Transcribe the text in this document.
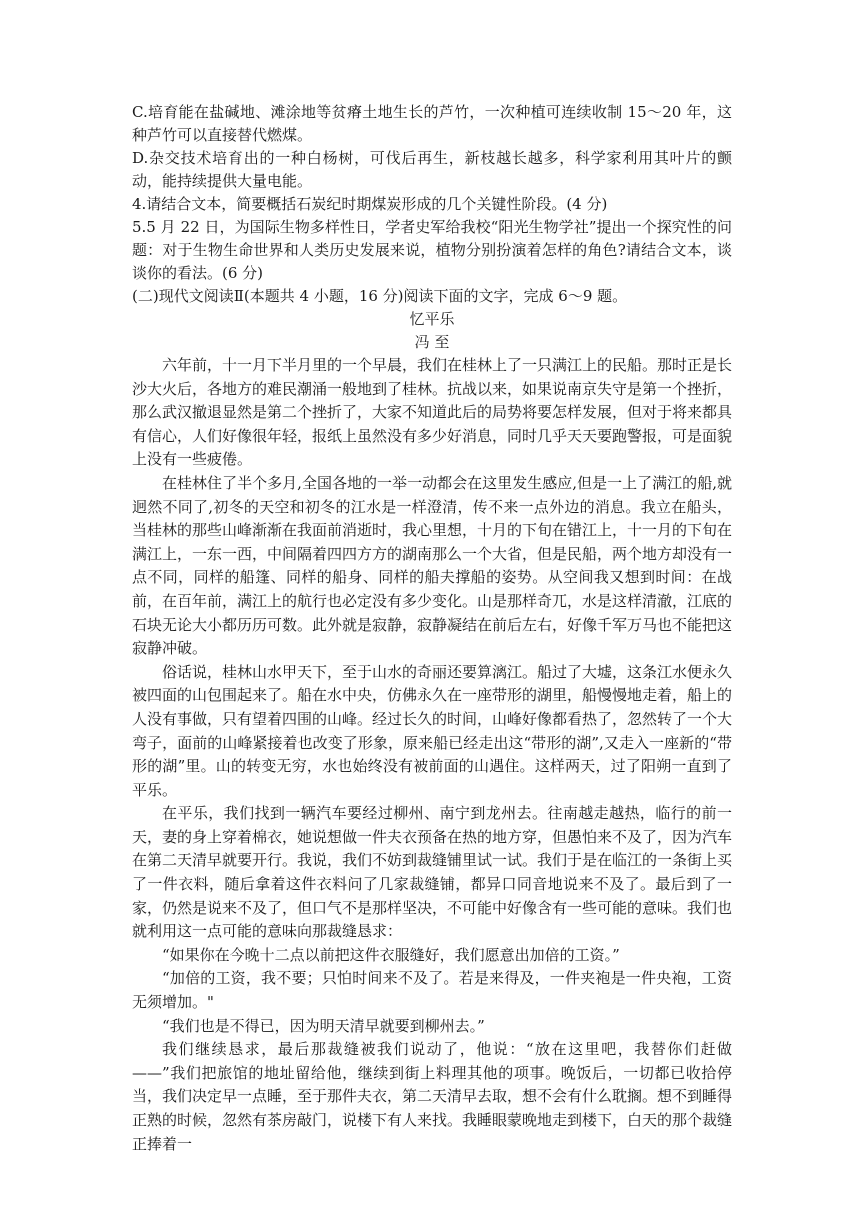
C.培育能在盐碱地、滩涂地等贫瘠土地生长的芦竹，一次种植可连续收制 15～20 年，这种芦竹可以直接替代燃煤。

D.杂交技术培育出的一种白杨树，可伐后再生，新枝越长越多，科学家利用其叶片的颤动，能持续提供大量电能。

4.请结合文本，简要概括石炭纪时期煤炭形成的几个关键性阶段。(4 分)

5.5 月 22 日，为国际生物多样性日，学者史军给我校“阳光生物学社”提出一个探究性的问题：对于生物生命世界和人类历史发展来说，植物分别扮演着怎样的角色?请结合文本，谈谈你的看法。(6 分)

(二)现代文阅读Ⅱ(本题共 4 小题，16 分)阅读下面的文字，完成 6～9 题。

忆平乐

冯 至

六年前，十一月下半月里的一个早晨，我们在桂林上了一只满江上的民船。那时正是长沙大火后，各地方的难民潮涌一般地到了桂林。抗战以来，如果说南京失守是第一个挫折，那么武汉撤退显然是第二个挫折了，大家不知道此后的局势将要怎样发展，但对于将来都具有信心，人们好像很年轻，报纸上虽然没有多少好消息，同时几乎天天要跑警报，可是面貌上没有一些疲倦。

在桂林住了半个多月,全国各地的一举一动都会在这里发生感应,但是一上了满江的船,就迥然不同了,初冬的天空和初冬的江水是一样澄清，传不来一点外边的消息。我立在船头，当桂林的那些山峰渐渐在我面前消逝时，我心里想，十月的下旬在错江上，十一月的下旬在满江上，一东一西，中间隔着四四方方的湖南那么一个大省，但是民船，两个地方却没有一点不同，同样的船篷、同样的船身、同样的船夫撑船的姿势。从空间我又想到时间：在战前，在百年前，满江上的航行也必定没有多少变化。山是那样奇兀，水是这样清澈，江底的石块无论大小都历历可数。此外就是寂静，寂静凝结在前后左右，好像千军万马也不能把这寂静冲破。

俗话说，桂林山水甲天下，至于山水的奇丽还要算漓江。船过了大墟，这条江水便永久被四面的山包围起来了。船在水中央，仿佛永久在一座带形的湖里，船慢慢地走着，船上的人没有事做，只有望着四围的山峰。经过长久的时间，山峰好像都看热了，忽然转了一个大弯子，面前的山峰紧接着也改变了形象，原来船已经走出这“带形的湖”,又走入一座新的“带形的湖”里。山的转变无穷，水也始终没有被前面的山遇住。这样两天，过了阳朔一直到了平乐。

在平乐，我们找到一辆汽车要经过柳州、南宁到龙州去。往南越走越热，临行的前一天，妻的身上穿着棉衣，她说想做一件夫衣预备在热的地方穿，但愚怕来不及了，因为汽车在第二天清早就要开行。我说，我们不妨到裁缝铺里试一试。我们于是在临江的一条街上买了一件衣料，随后拿着这件衣料问了几家裁缝铺，都异口同音地说来不及了。最后到了一家，仍然是说来不及了，但口气不是那样坚决，不可能中好像含有一些可能的意味。我们也就利用这一点可能的意味向那裁缝恳求：

“如果你在今晚十二点以前把这件衣服缝好，我们愿意出加倍的工资。”

“加倍的工资，我不要；只怕时间来不及了。若是来得及，一件夹袍是一件央袍，工资无须增加。"

“我们也是不得已，因为明天清早就要到柳州去。”

我们继续恳求，最后那裁缝被我们说动了，他说：“放在这里吧，我替你们赶做——”我们把旅馆的地址留给他，继续到街上料理其他的项事。晚饭后，一切都已收拾停当，我们决定早一点睡，至于那件夫衣，第二天清早去取，想不会有什么耽搁。想不到睡得正熟的时候，忽然有茶房敲门，说楼下有人来找。我睡眼蒙晚地走到楼下，白天的那个裁缝正捧着一
